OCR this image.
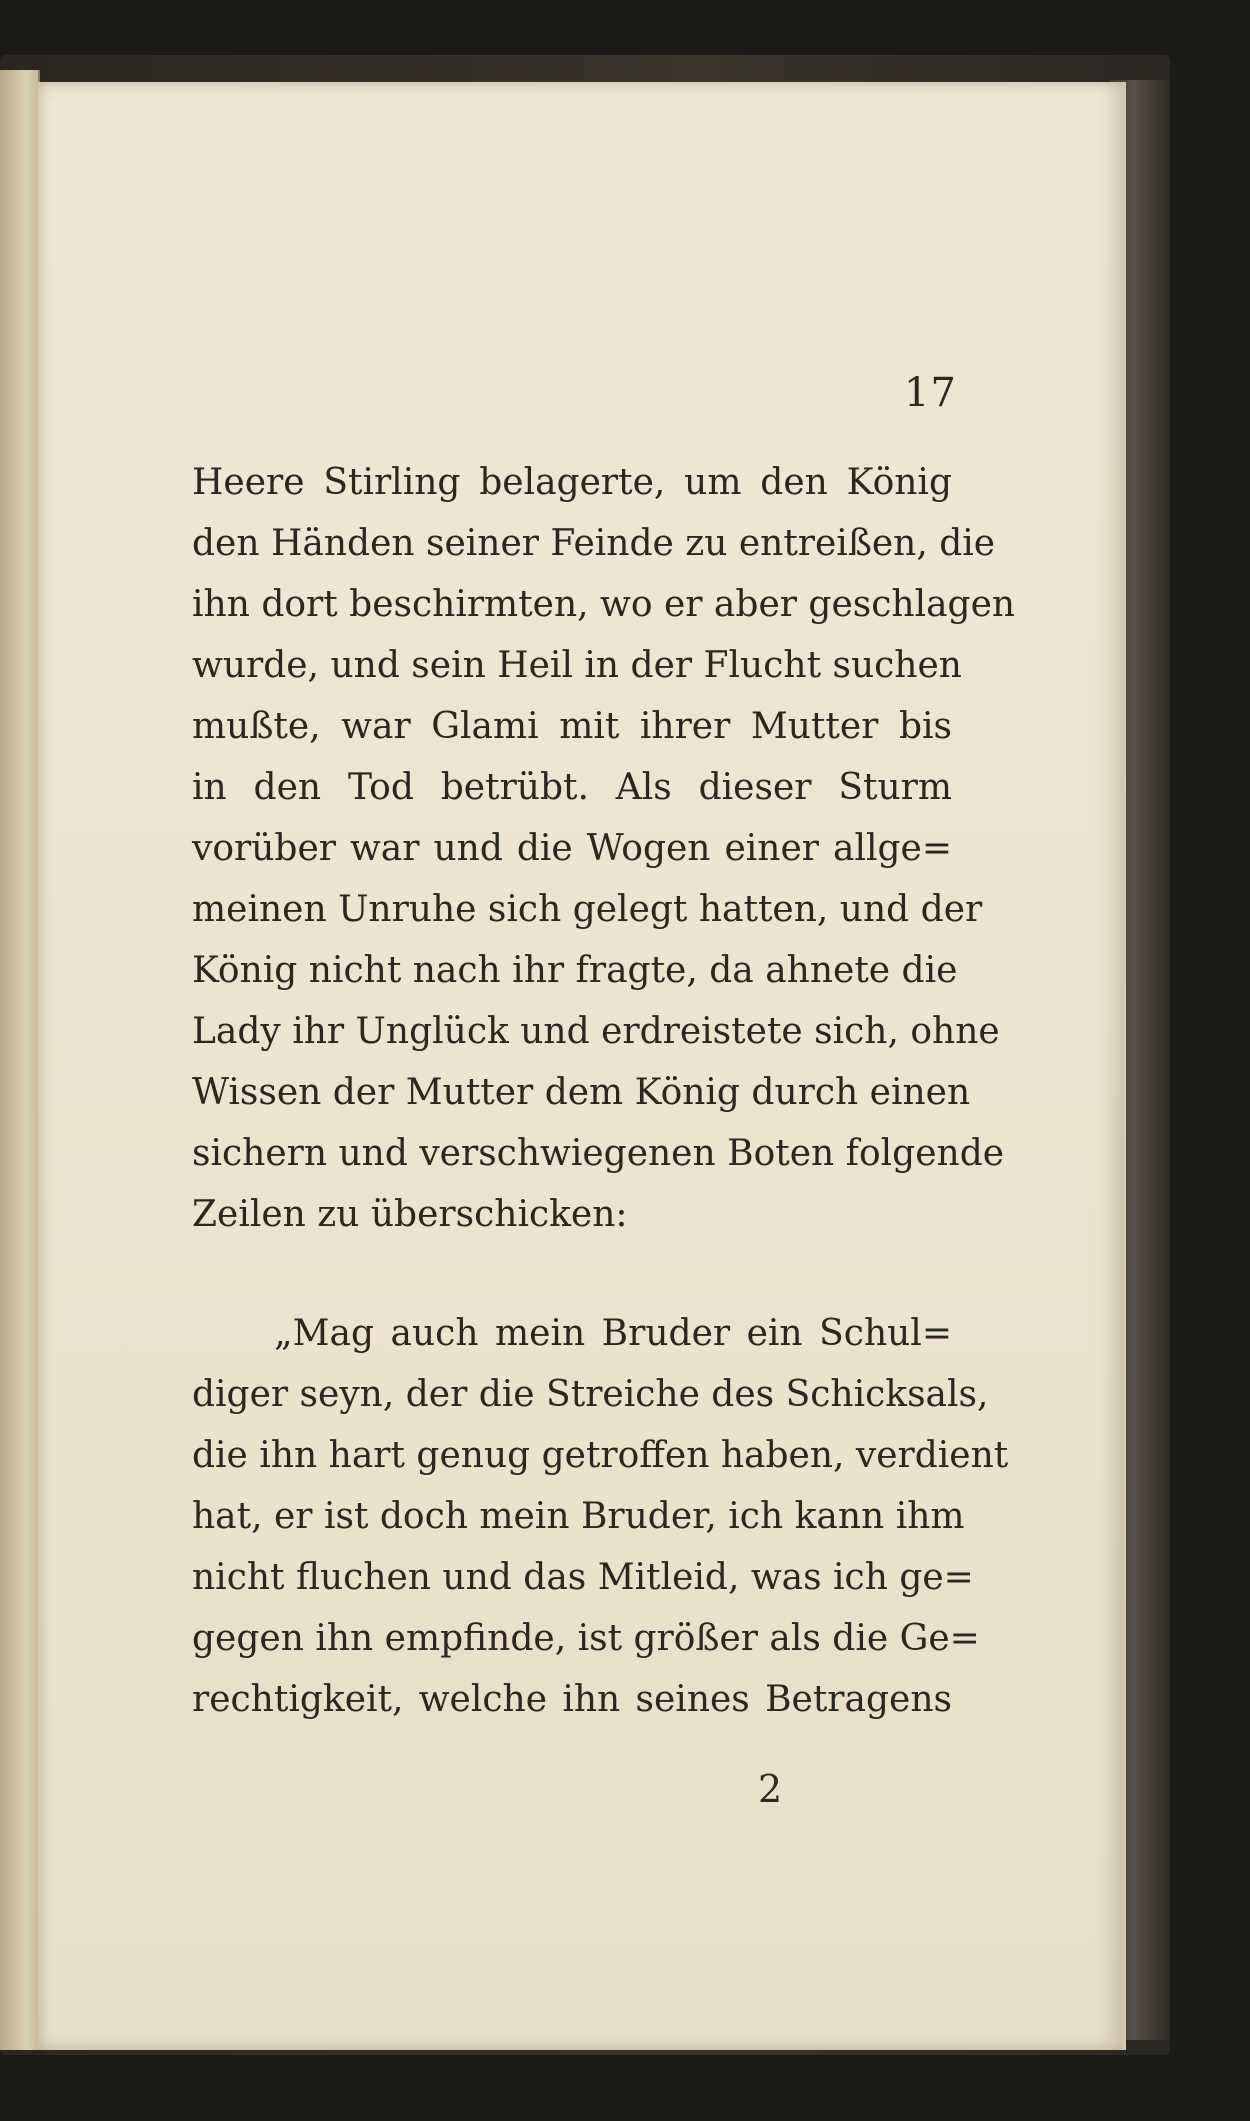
17

Heere Stirling belagerte, um den König

den Händen seiner Feinde zu entreißen, die

ihn dort beschirmten, wo er aber geschlagen

wurde, und sein Heil in der Flucht suchen

mußte, war Glami mit ihrer Mutter bis

in den Tod betrübt. Als dieser Sturm

vorüber war und die Wogen einer allge=

meinen Unruhe sich gelegt hatten, und der

König nicht nach ihr fragte, da ahnete die

Lady ihr Unglück und erdreistete sich, ohne

Wissen der Mutter dem König durch einen

sichern und verschwiegenen Boten folgende

Zeilen zu überschicken:

„Mag auch mein Bruder ein Schul=

diger seyn, der die Streiche des Schicksals,

die ihn hart genug getroffen haben, verdient

hat, er ist doch mein Bruder, ich kann ihm

nicht fluchen und das Mitleid, was ich ge=

gegen ihn empfinde, ist größer als die Ge=

rechtigkeit, welche ihn seines Betragens

2
